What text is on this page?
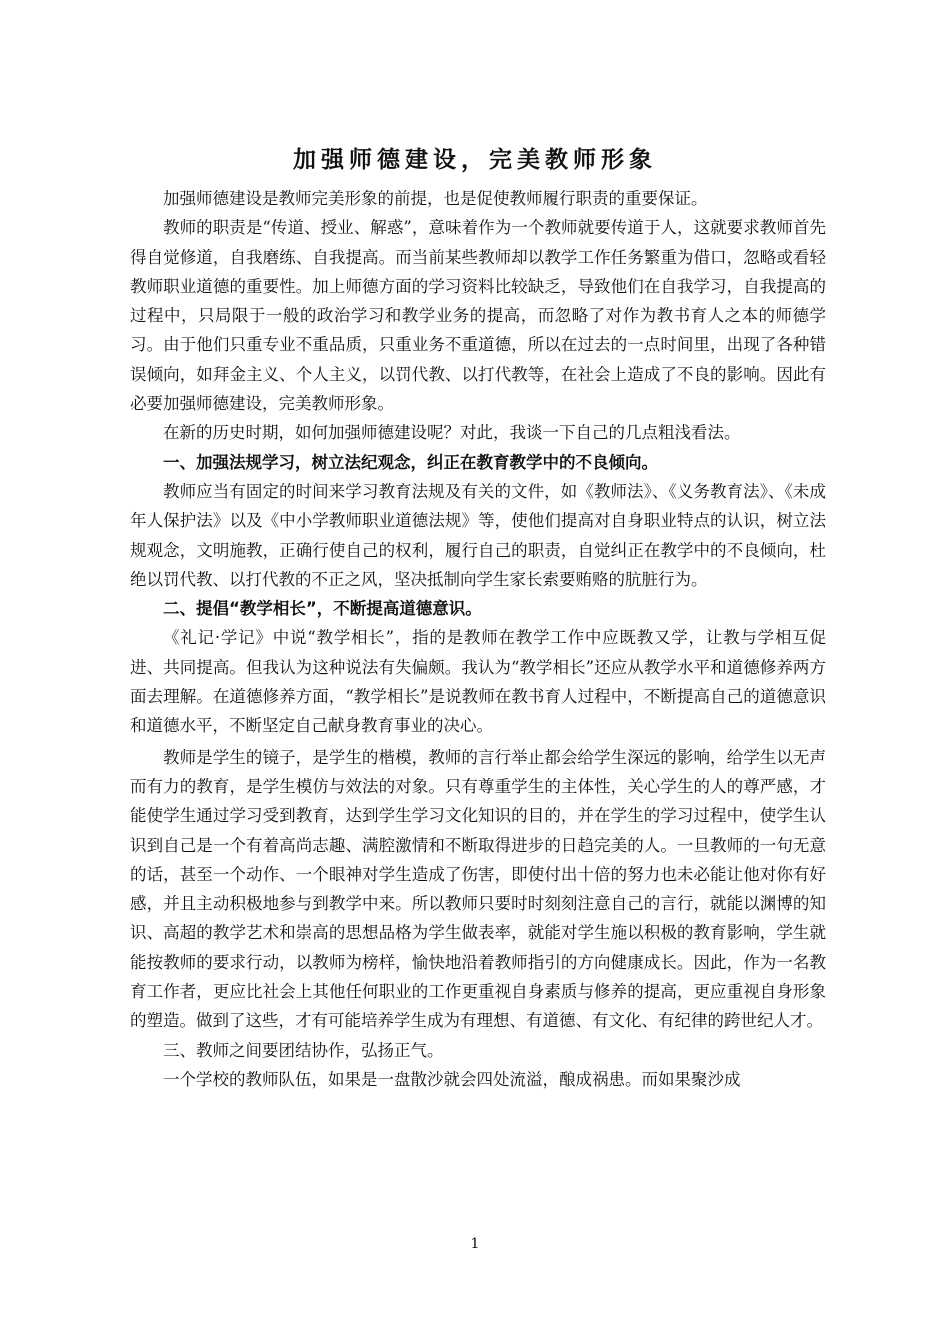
加强师德建设，完美教师形象

加强师德建设是教师完美形象的前提，也是促使教师履行职责的重要保证。

教师的职责是“传道、授业、解惑”，意味着作为一个教师就要传道于人，这就要求教师首先得自觉修道，自我磨练、自我提高。而当前某些教师却以教学工作任务繁重为借口，忽略或看轻教师职业道德的重要性。加上师德方面的学习资料比较缺乏，导致他们在自我学习，自我提高的过程中，只局限于一般的政治学习和教学业务的提高，而忽略了对作为教书育人之本的师德学习。由于他们只重专业不重品质，只重业务不重道德，所以在过去的一点时间里，出现了各种错误倾向，如拜金主义、个人主义，以罚代教、以打代教等，在社会上造成了不良的影响。因此有必要加强师德建设，完美教师形象。

在新的历史时期，如何加强师德建设呢？对此，我谈一下自己的几点粗浅看法。

一、加强法规学习，树立法纪观念，纠正在教育教学中的不良倾向。

教师应当有固定的时间来学习教育法规及有关的文件，如《教师法》、《义务教育法》、《未成年人保护法》以及《中小学教师职业道德法规》等，使他们提高对自身职业特点的认识，树立法规观念，文明施教，正确行使自己的权利，履行自己的职责，自觉纠正在教学中的不良倾向，杜绝以罚代教、以打代教的不正之风，坚决抵制向学生家长索要贿赂的肮脏行为。

二、提倡“教学相长”，不断提高道德意识。

《礼记·学记》中说“教学相长”，指的是教师在教学工作中应既教又学，让教与学相互促进、共同提高。但我认为这种说法有失偏颇。我认为“教学相长”还应从教学水平和道德修养两方面去理解。在道德修养方面，“教学相长”是说教师在教书育人过程中，不断提高自己的道德意识和道德水平，不断坚定自己献身教育事业的决心。

教师是学生的镜子，是学生的楷模，教师的言行举止都会给学生深远的影响，给学生以无声而有力的教育，是学生模仿与效法的对象。只有尊重学生的主体性，关心学生的人的尊严感，才能使学生通过学习受到教育，达到学生学习文化知识的目的，并在学生的学习过程中，使学生认识到自己是一个有着高尚志趣、满腔激情和不断取得进步的日趋完美的人。一旦教师的一句无意的话，甚至一个动作、一个眼神对学生造成了伤害，即使付出十倍的努力也未必能让他对你有好感，并且主动积极地参与到教学中来。所以教师只要时时刻刻注意自己的言行，就能以渊博的知识、高超的教学艺术和崇高的思想品格为学生做表率，就能对学生施以积极的教育影响，学生就能按教师的要求行动，以教师为榜样，愉快地沿着教师指引的方向健康成长。因此，作为一名教育工作者，更应比社会上其他任何职业的工作更重视自身素质与修养的提高，更应重视自身形象的塑造。做到了这些，才有可能培养学生成为有理想、有道德、有文化、有纪律的跨世纪人才。

三、教师之间要团结协作，弘扬正气。

一个学校的教师队伍，如果是一盘散沙就会四处流溢，酿成祸患。而如果聚沙成

1
